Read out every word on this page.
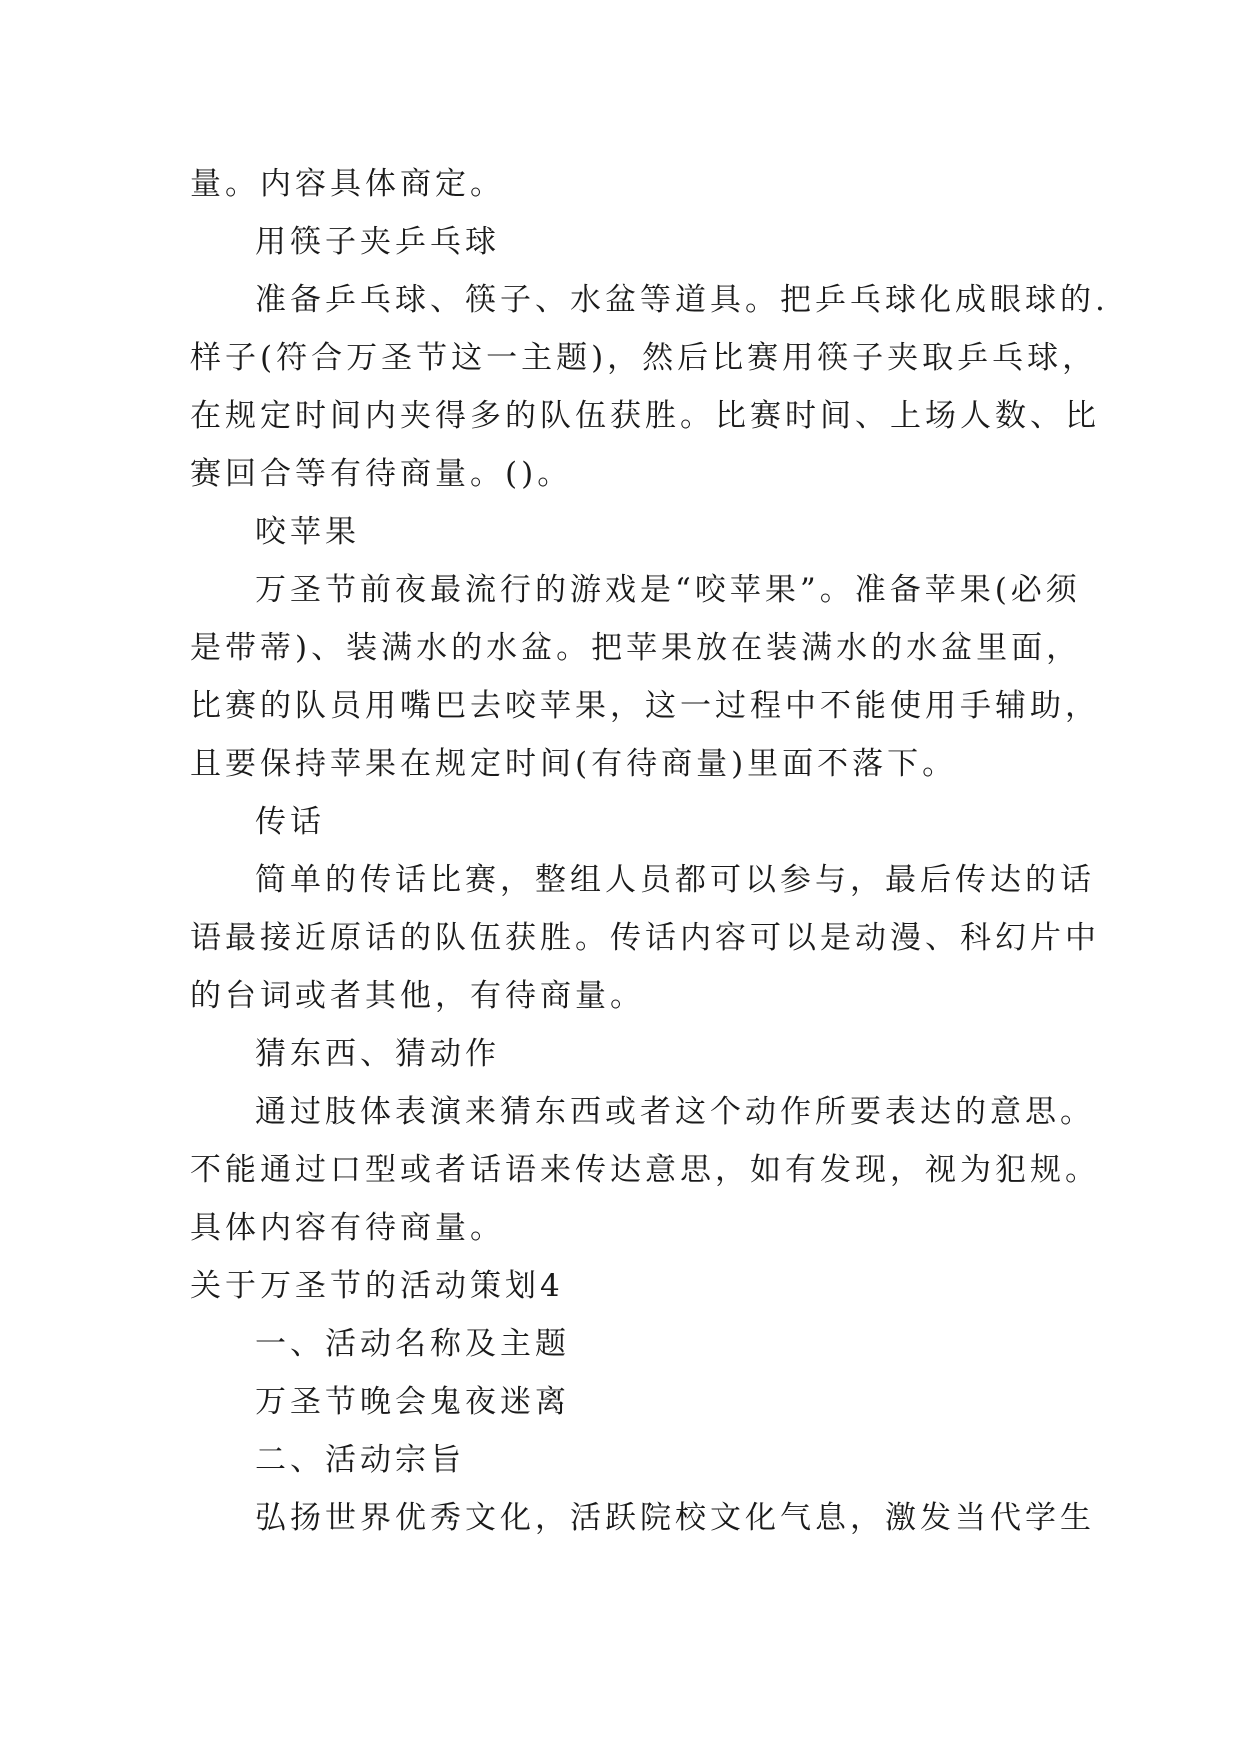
量。内容具体商定。
用筷子夹乒乓球
准备乒乓球、筷子、水盆等道具。把乒乓球化成眼球的.
样子(符合万圣节这一主题)，然后比赛用筷子夹取乒乓球，
在规定时间内夹得多的队伍获胜。比赛时间、上场人数、比
赛回合等有待商量。()。
咬苹果
万圣节前夜最流行的游戏是“咬苹果”。准备苹果(必须
是带蒂)、装满水的水盆。把苹果放在装满水的水盆里面，
比赛的队员用嘴巴去咬苹果，这一过程中不能使用手辅助，
且要保持苹果在规定时间(有待商量)里面不落下。
传话
简单的传话比赛，整组人员都可以参与，最后传达的话
语最接近原话的队伍获胜。传话内容可以是动漫、科幻片中
的台词或者其他，有待商量。
猜东西、猜动作
通过肢体表演来猜东西或者这个动作所要表达的意思。
不能通过口型或者话语来传达意思，如有发现，视为犯规。
具体内容有待商量。
关于万圣节的活动策划4
一、活动名称及主题
万圣节晚会鬼夜迷离
二、活动宗旨
弘扬世界优秀文化，活跃院校文化气息，激发当代学生
